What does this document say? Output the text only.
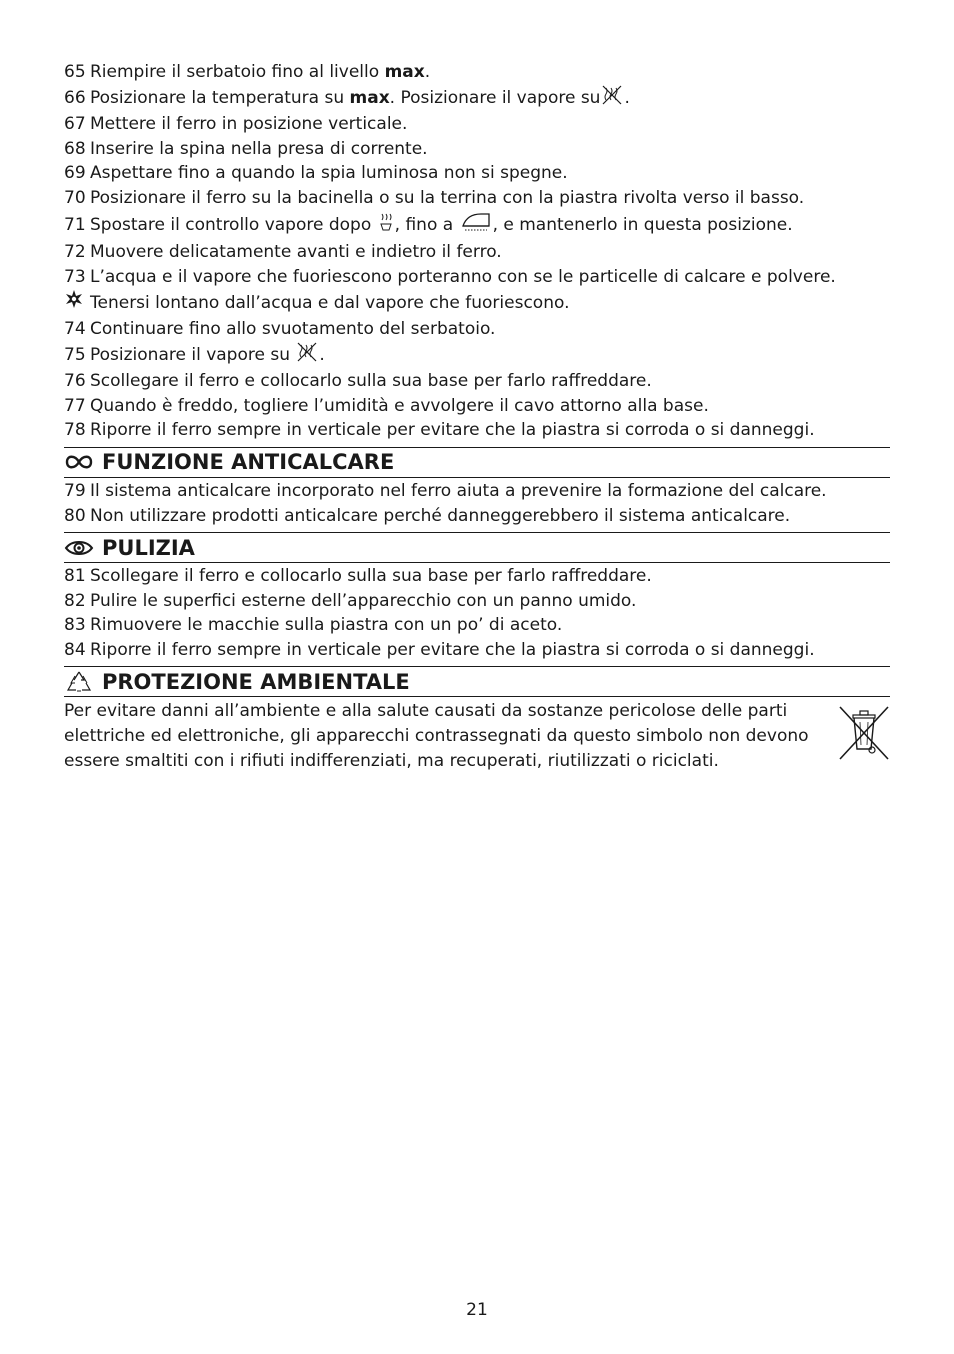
65 Riempire il serbatoio fino al livello max .
66 Posizionare la temperatura su max . Posizionare il vapore su .
67 Mettere il ferro in posizione verticale.
68 Inserire la spina nella presa di corrente.
69 Aspettare fino a quando la spia luminosa non si spegne.
70 Posizionare il ferro su la bacinella o su la terrina con la piastra rivolta verso il basso.
71 Spostare il controllo vapore dopo , fino a , e mantenerlo in questa posizione.
72 Muovere delicatamente avanti e indietro il ferro.
73 L’acqua e il vapore che fuoriescono porteranno con se le particelle di calcare e polvere.
Tenersi lontano dall’acqua e dal vapore che fuoriescono.
74 Continuare fino allo svuotamento del serbatoio.
75 Posizionare il vapore su .
76 Scollegare il ferro e collocarlo sulla sua base per farlo raffreddare.
77 Quando è freddo, togliere l’umidità e avvolgere il cavo attorno alla base.
78 Riporre il ferro sempre in verticale per evitare che la piastra si corroda o si danneggi.
FUNZIONE ANTICALCARE
79 Il sistema anticalcare incorporato nel ferro aiuta a prevenire la formazione del calcare.
80 Non utilizzare prodotti anticalcare perché danneggerebbero il sistema anticalcare.
PULIZIA
81 Scollegare il ferro e collocarlo sulla sua base per farlo raffreddare.
82 Pulire le superfici esterne dell’apparecchio con un panno umido.
83 Rimuovere le macchie sulla piastra con un po’ di aceto.
84 Riporre il ferro sempre in verticale per evitare che la piastra si corroda o si danneggi.
PROTEZIONE AMBIENTALE
Per evitare danni all’ambiente e alla salute causati da sostanze pericolose delle parti elettriche ed elettroniche, gli apparecchi contrassegnati da questo simbolo non devono essere smaltiti con i rifiuti indifferenziati, ma recuperati, riutilizzati o riciclati.
21
